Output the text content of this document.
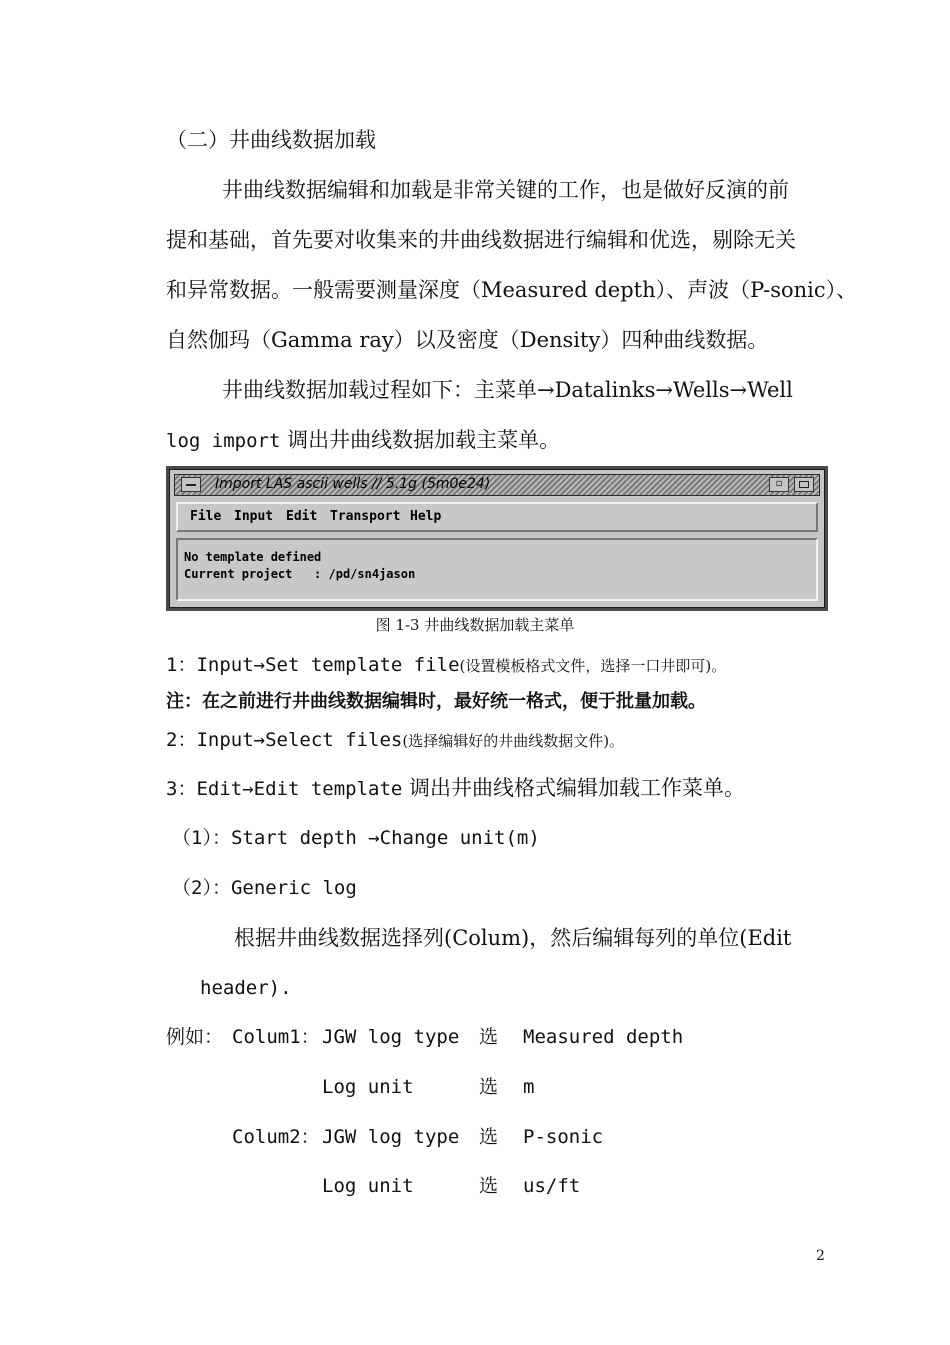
（二）井曲线数据加载
井曲线数据编辑和加载是非常关键的工作，也是做好反演的前
提和基础，首先要对收集来的井曲线数据进行编辑和优选，剔除无关
和异常数据。一般需要测量深度（Measured depth）、声波（P-sonic）、
自然伽玛（Gamma ray）以及密度（Density）四种曲线数据。
井曲线数据加载过程如下：主菜单→Datalinks→Wells→Well
log import 调出井曲线数据加载主菜单。
Import LAS ascii wells // 5.1g (5m0e24)	▫
File Input Edit Transport Help
No template defined
Current project   : /pd/sn4jason
图 1-3 井曲线数据加载主菜单
1：Input→Set template file(设置模板格式文件，选择一口井即可)。
注：在之前进行井曲线数据编辑时，最好统一格式，便于批量加载。
2：Input→Select files(选择编辑好的井曲线数据文件)。
3：Edit→Edit template 调出井曲线格式编辑加载工作菜单。
（1）：Start depth →Change unit(m)
（2）：Generic log
根据井曲线数据选择列(Colum)，然后编辑每列的单位(Edit
header).
例如： Colum1： JGW log type 选 Measured depth
Log unit	选 m
Colum2： JGW log type 选 P-sonic
Log unit	选 us/ft
2
